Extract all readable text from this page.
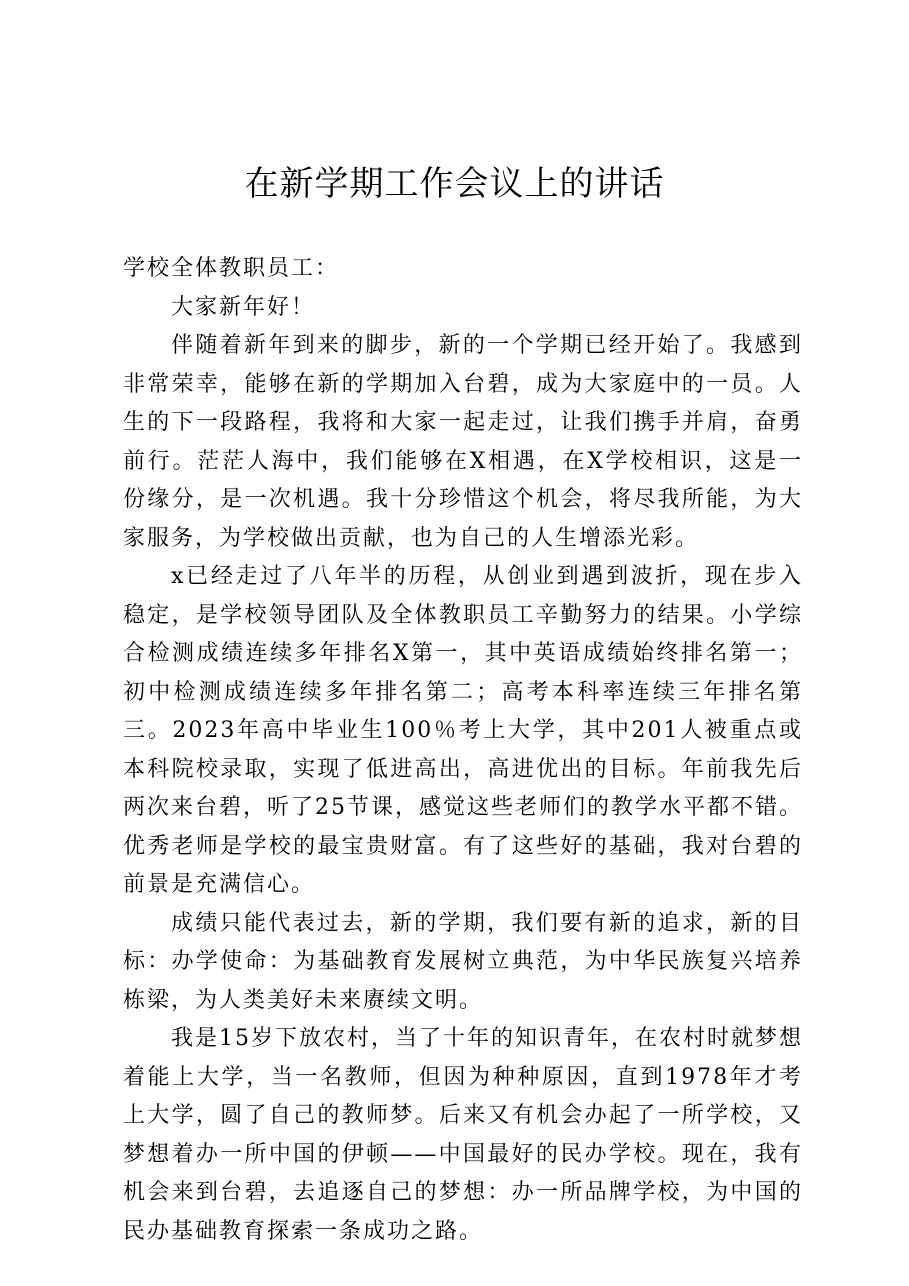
在新学期工作会议上的讲话

学校全体教职员工：

大家新年好！

伴随着新年到来的脚步，新的一个学期已经开始了。我感到非常荣幸，能够在新的学期加入台碧，成为大家庭中的一员。人生的下一段路程，我将和大家一起走过，让我们携手并肩，奋勇前行。茫茫人海中，我们能够在X相遇，在X学校相识，这是一份缘分，是一次机遇。我十分珍惜这个机会，将尽我所能，为大家服务，为学校做出贡献，也为自己的人生增添光彩。

x已经走过了八年半的历程，从创业到遇到波折，现在步入稳定，是学校领导团队及全体教职员工辛勤努力的结果。小学综合检测成绩连续多年排名X第一，其中英语成绩始终排名第一；初中检测成绩连续多年排名第二；高考本科率连续三年排名第三。2023年高中毕业生100％考上大学，其中201人被重点或本科院校录取，实现了低进高出，高进优出的目标。年前我先后两次来台碧，听了25节课，感觉这些老师们的教学水平都不错。优秀老师是学校的最宝贵财富。有了这些好的基础，我对台碧的前景是充满信心。

成绩只能代表过去，新的学期，我们要有新的追求，新的目标：办学使命：为基础教育发展树立典范，为中华民族复兴培养栋梁，为人类美好未来赓续文明。

我是15岁下放农村，当了十年的知识青年，在农村时就梦想着能上大学，当一名教师，但因为种种原因，直到1978年才考上大学，圆了自己的教师梦。后来又有机会办起了一所学校，又梦想着办一所中国的伊顿——中国最好的民办学校。现在，我有机会来到台碧，去追逐自己的梦想：办一所品牌学校，为中国的民办基础教育探索一条成功之路。
